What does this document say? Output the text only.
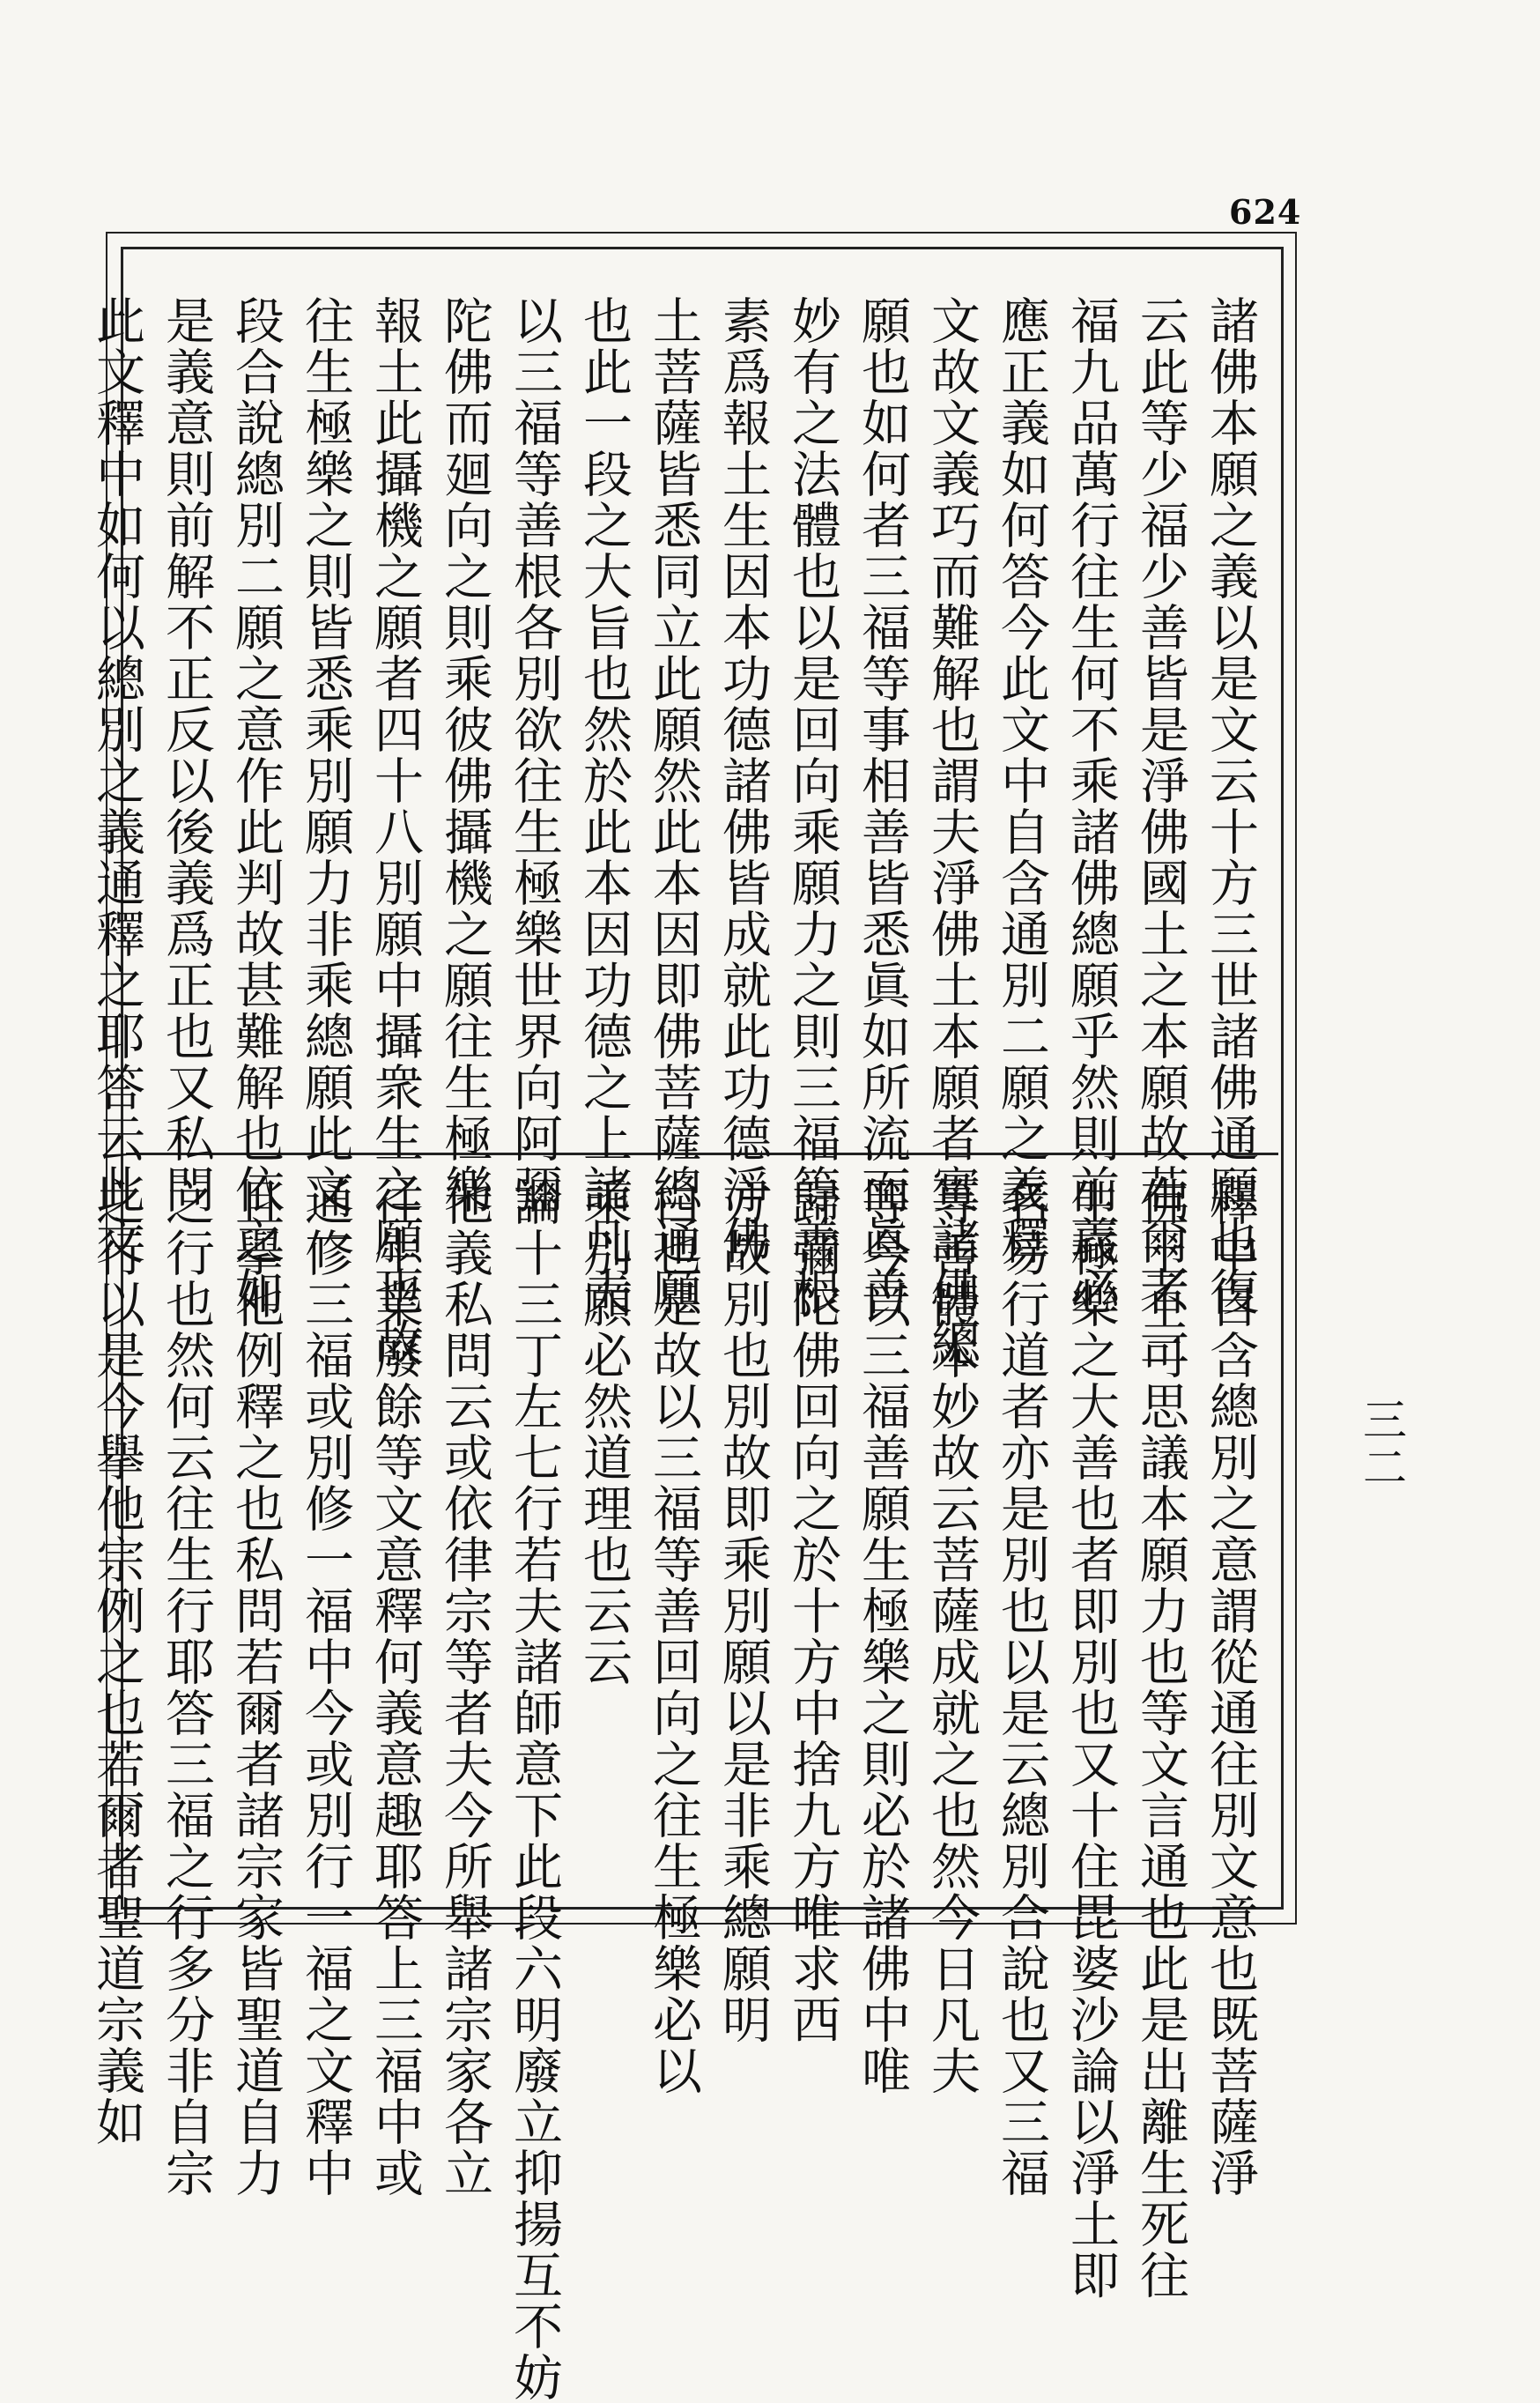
624
諸佛本願之義以是文云十方三世諸佛通願也復
云此等少福少善皆是淨佛國土之本願故若爾者三
福九品萬行往生何不乘諸佛總願乎然則前義必
應正義如何答今此文中自含通別二願之義釋
文故文義巧而難解也謂夫淨佛土本願者實諸佛總
願也如何者三福等事相善皆悉眞如所流而眞善
妙有之法體也以是回向乘願力之則三福等善根
素爲報土生因本功德諸佛皆成就此功德淨佛
土菩薩皆悉同立此願然此本因即佛菩薩總通願
也此一段之大旨也然於此本因功德之上諸凡夫
以三福等善根各別欲往生極樂世界向阿彌
陀佛而廻向之則乘彼佛攝機之願往生極樂
報土此攝機之願者四十八別願中攝衆生之願也故
往生極樂之則皆悉乘別願力非乘總願此文一
段合說總別二願之意作此判故甚難解也依之如
是義意則前解不正反以後義爲正也又私問
此文釋中如何以總別之義通釋之耶答云此文
釋中自含總別之意謂從通往別文意也既菩薩淨
佛土不可思議本願力也等文言通也此是出離生死往
生極樂之大善也者即別也又十住毘婆沙論以淨土即
名易行道者亦是別也以是云總別合說也又三福
等善體本妙故云菩薩成就之也然今日凡夫
等今以三福善願生極樂之則必於諸佛中唯
歸彌陀佛回向之於十方中捨九方唯求西
方故別也別故即乘別願以是非乘總願明
白也是故以三福等善回向之往生極樂必以
乘別願必然道理也云云
論十三丁左七行若夫諸師意下此段六明廢立抑揚互不妨
他義私問云或依律宗等者夫今所舉諸宗家各立
往生業廢餘等文意釋何義意趣耶答上三福中或
通修三福或別修一福中今或別行一福之文釋中
且擧他例釋之也私問若爾者諸宗家皆聖道自力
之行也然何云往生行耶答三福之行多分非自宗
之行以是今擧他宗例之也若爾者聖道宗義如	三二
